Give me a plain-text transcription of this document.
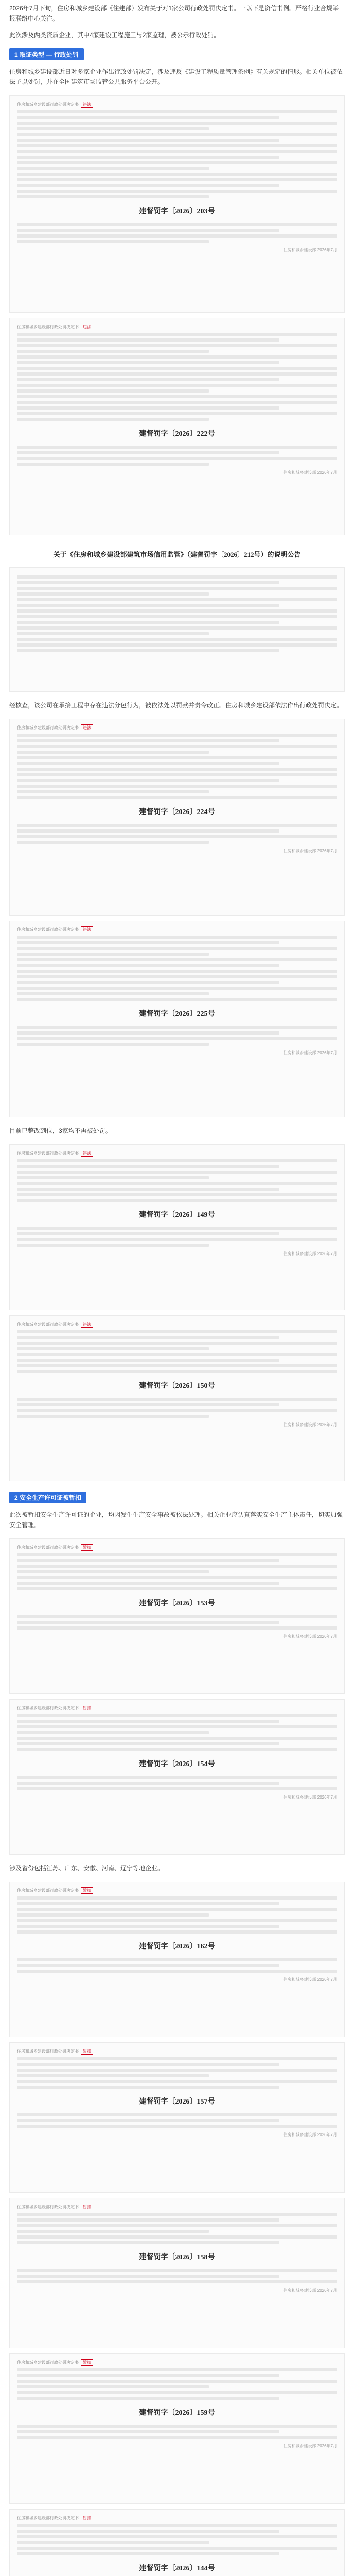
2026年7月下旬，住房和城乡建设部《住建部）发布关于对1家公司行政处罚决定书。一以下是资信书例。严格行业合规举报联络中心关注。

此次涉及两类资质企业，其中4家建设工程施工与2家监理，被公示行政处罚。

1 取证类型 — 行政处罚

住房和城乡建设部近日对多家企业作出行政处罚决定，涉及违反《建设工程质量管理条例》有关规定的情形。相关单位被依法予以处罚，并在全国建筑市场监管公共服务平台公开。

住房和城乡建设部行政处罚决定书 违法
建督罚字〔2026〕203号
住房和城乡建设部 2026年7月
住房和城乡建设部行政处罚决定书 违法
建督罚字〔2026〕222号
住房和城乡建设部 2026年7月
关于《住房和城乡建设部建筑市场信用监管》（建督罚字〔2026〕212号）的说明公告

经核查，该公司在承接工程中存在违法分包行为，被依法处以罚款并责令改正。住房和城乡建设部依法作出行政处罚决定。

住房和城乡建设部行政处罚决定书 违法
建督罚字〔2026〕224号
住房和城乡建设部 2026年7月
住房和城乡建设部行政处罚决定书 违法
建督罚字〔2026〕225号
住房和城乡建设部 2026年7月

目前已整改到位，3家均不再被处罚。

住房和城乡建设部行政处罚决定书 违法
建督罚字〔2026〕149号
住房和城乡建设部 2026年7月
住房和城乡建设部行政处罚决定书 违法
建督罚字〔2026〕150号
住房和城乡建设部 2026年7月
2 安全生产许可证被暂扣

此次被暂扣安全生产许可证的企业，均因发生生产安全事故被依法处理。相关企业应认真落实安全生产主体责任，切实加强安全管理。

住房和城乡建设部行政处罚决定书 暂扣
建督罚字〔2026〕153号
住房和城乡建设部 2026年7月
住房和城乡建设部行政处罚决定书 暂扣
建督罚字〔2026〕154号
住房和城乡建设部 2026年7月

涉及省份包括江苏、广东、安徽、河南、辽宁等地企业。

住房和城乡建设部行政处罚决定书 暂扣
建督罚字〔2026〕162号
住房和城乡建设部 2026年7月
住房和城乡建设部行政处罚决定书 暂扣
建督罚字〔2026〕157号
住房和城乡建设部 2026年7月
住房和城乡建设部行政处罚决定书 暂扣
建督罚字〔2026〕158号
住房和城乡建设部 2026年7月
住房和城乡建设部行政处罚决定书 暂扣
建督罚字〔2026〕159号
住房和城乡建设部 2026年7月
住房和城乡建设部行政处罚决定书 暂扣
建督罚字〔2026〕144号
